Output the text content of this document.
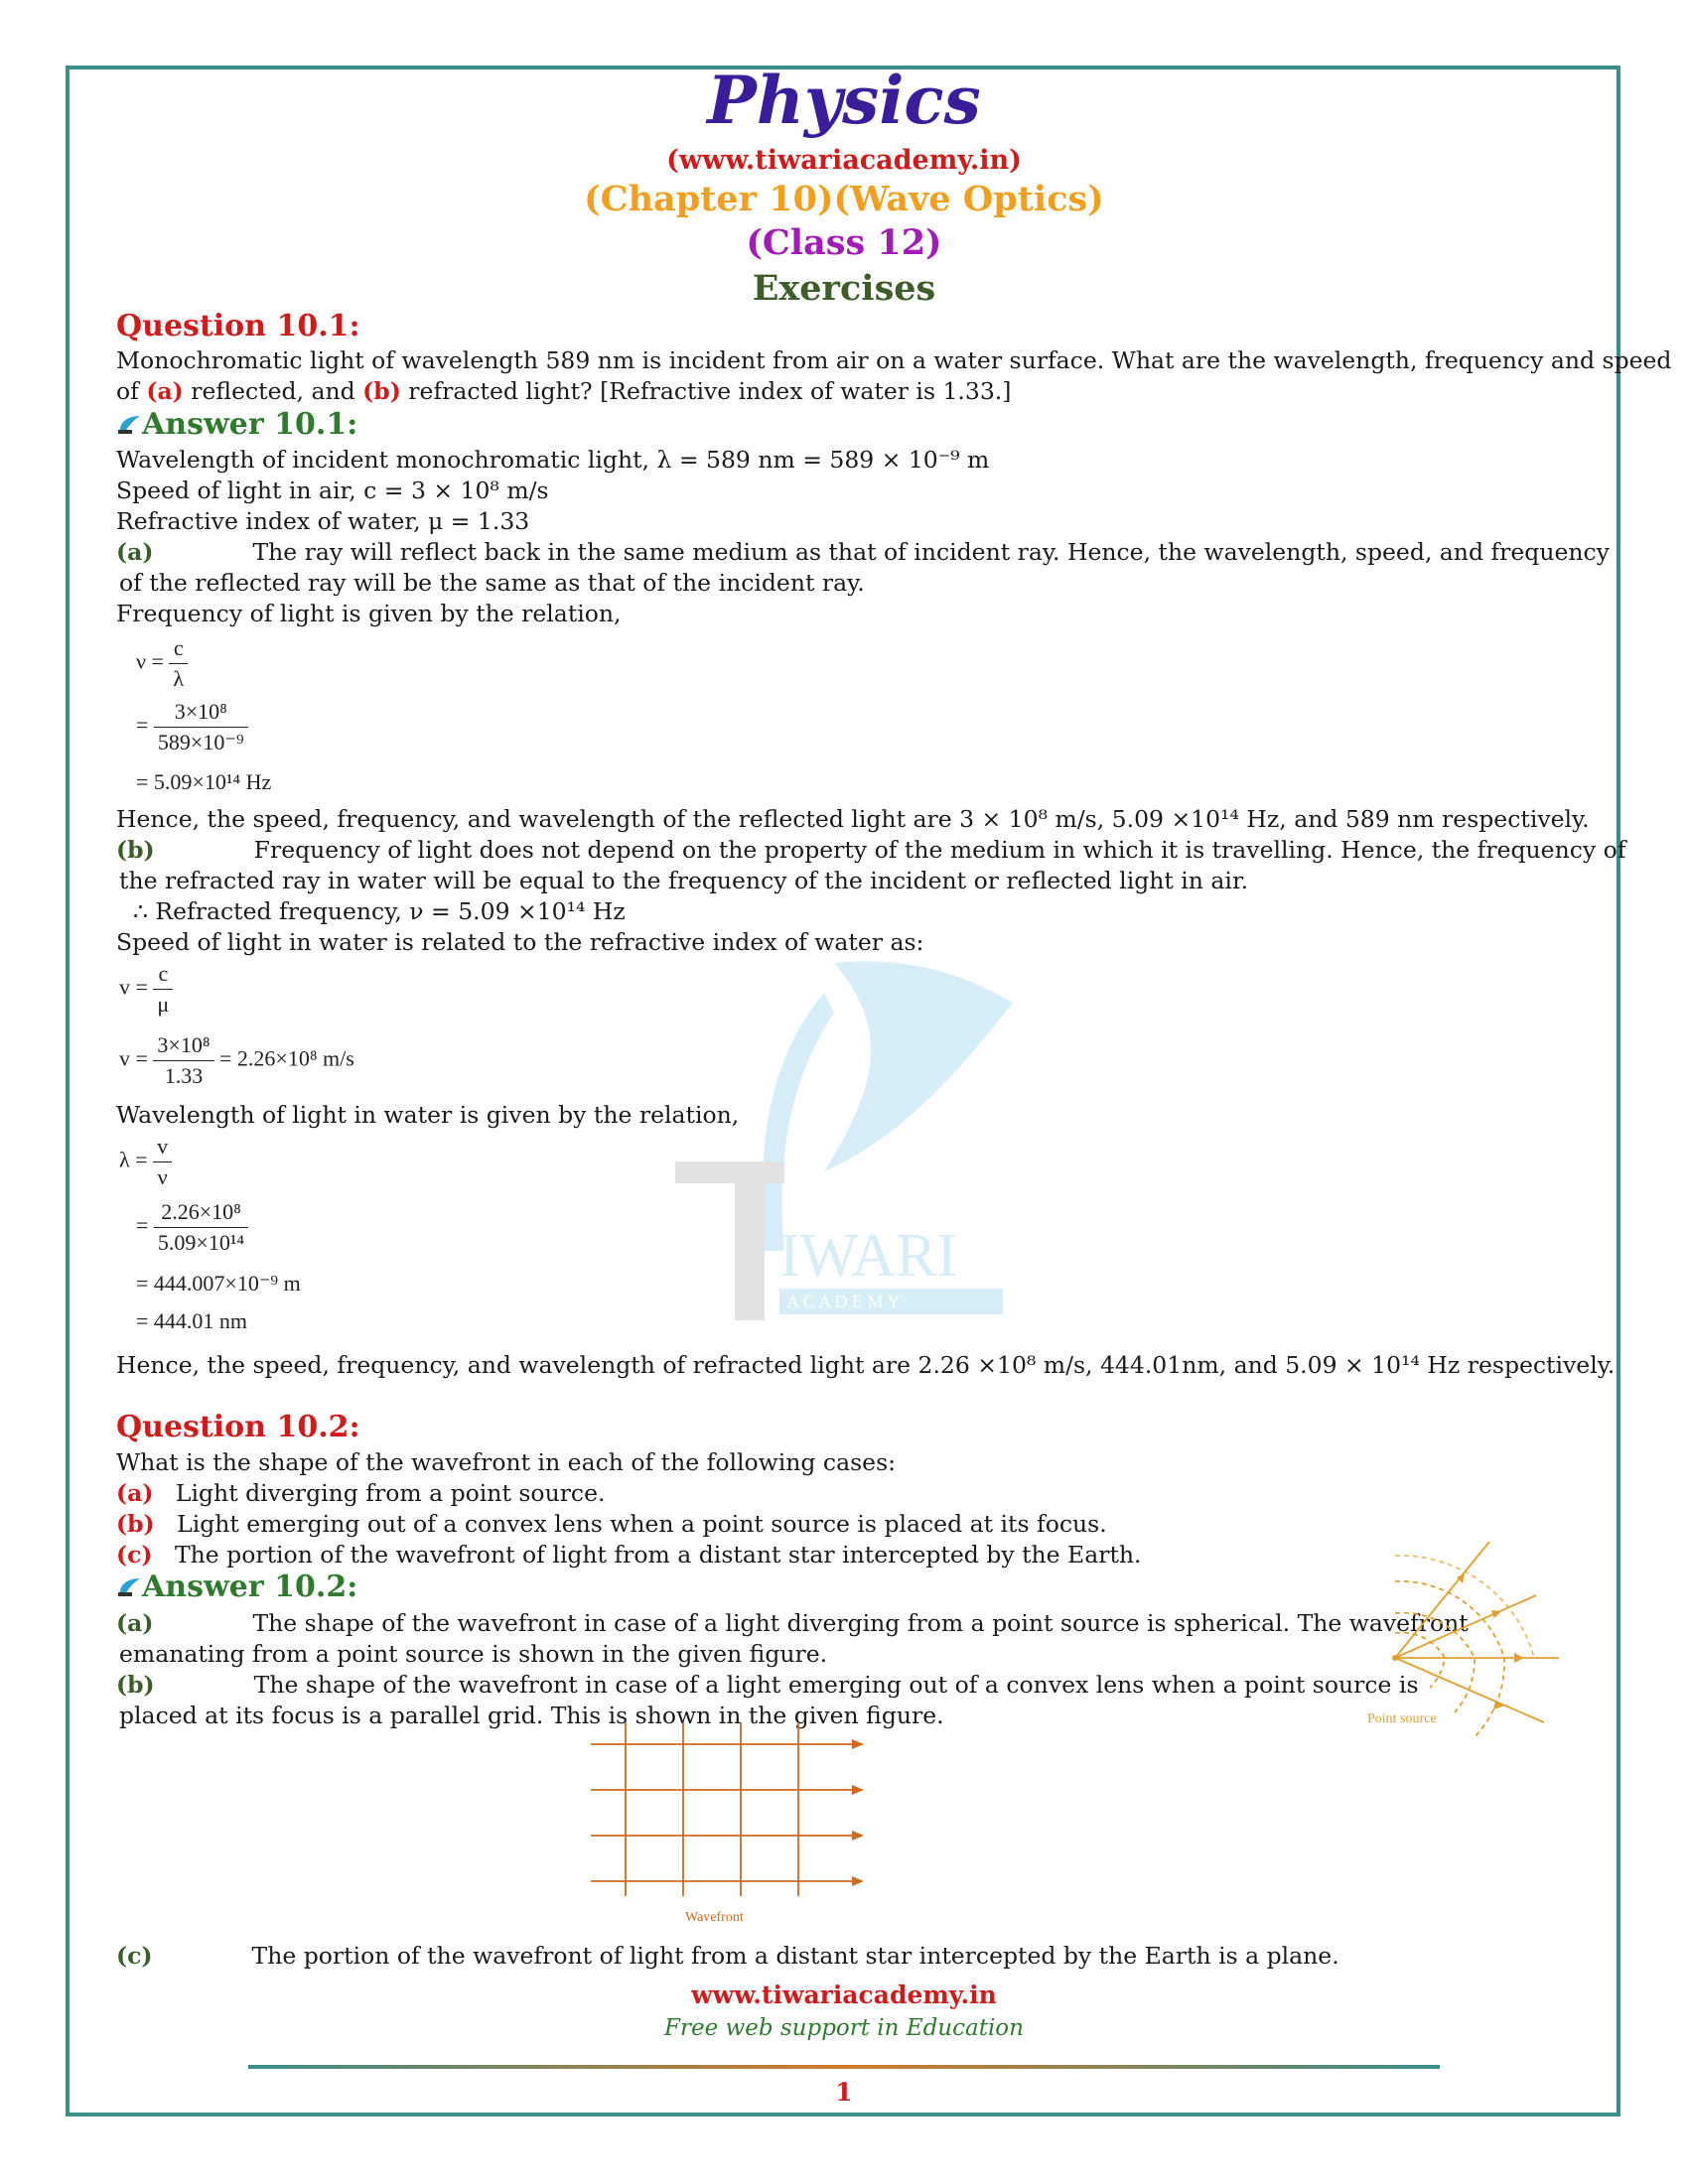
IWARI
A C A D E M Y
Physics
(www.tiwariacademy.in)
(Chapter 10)(Wave Optics)
(Class 12)
Exercises
Question 10.1:
Monochromatic light of wavelength 589 nm is incident from air on a water surface. What are the wavelength, frequency and speed
of (a) reflected, and (b) refracted light? [Refractive index of water is 1.33.]
Answer 10.1:
Wavelength of incident monochromatic light, λ = 589 nm = 589 × 10⁻⁹ m
Speed of light in air, c = 3 × 10⁸ m/s
Refractive index of water, μ = 1.33
(a)	The ray will reflect back in the same medium as that of incident ray. Hence, the wavelength, speed, and frequency
of the reflected ray will be the same as that of the incident ray.
Frequency of light is given by the relation,
$\nu = \frac{c}{\lambda}$
= $\frac{\text{3×10⁸}}{\text{589×10⁻⁹}}$
= 5.09×10¹⁴ Hz
Hence, the speed, frequency, and wavelength of the reflected light are 3 × 10⁸ m/s, 5.09 ×10¹⁴ Hz, and 589 nm respectively.
(b)	Frequency of light does not depend on the property of the medium in which it is travelling. Hence, the frequency of
the refracted ray in water will be equal to the frequency of the incident or reflected light in air.
∴ Refracted frequency, ν = 5.09 ×10¹⁴ Hz
Speed of light in water is related to the refractive index of water as:
$v = \frac{c}{\mu}$
$v = \frac{\text{3×10⁸}}{1.33} = 2.26\times 10^8$ m/s
Wavelength of light in water is given by the relation,
$\lambda = \frac{v}{\nu}$
= $\frac{\text{2.26×10⁸}}{\text{5.09×10¹⁴}}$
= 444.007×10⁻⁹ m
= 444.01 nm
Hence, the speed, frequency, and wavelength of refracted light are 2.26 ×10⁸ m/s, 444.01nm, and 5.09 × 10¹⁴ Hz respectively.
Question 10.2:
What is the shape of the wavefront in each of the following cases:
(a) Light diverging from a point source.
(b) Light emerging out of a convex lens when a point source is placed at its focus.
(c) The portion of the wavefront of light from a distant star intercepted by the Earth.
Answer 10.2:
(a)	The shape of the wavefront in case of a light diverging from a point source is spherical. The wavefront
emanating from a point source is shown in the given figure.
(b)	The shape of the wavefront in case of a light emerging out of a convex lens when a point source is
placed at its focus is a parallel grid. This is shown in the given figure.	Point source
Wavefront
(c)	The portion of the wavefront of light from a distant star intercepted by the Earth is a plane.
www.tiwariacademy.in
Free web support in Education
1
